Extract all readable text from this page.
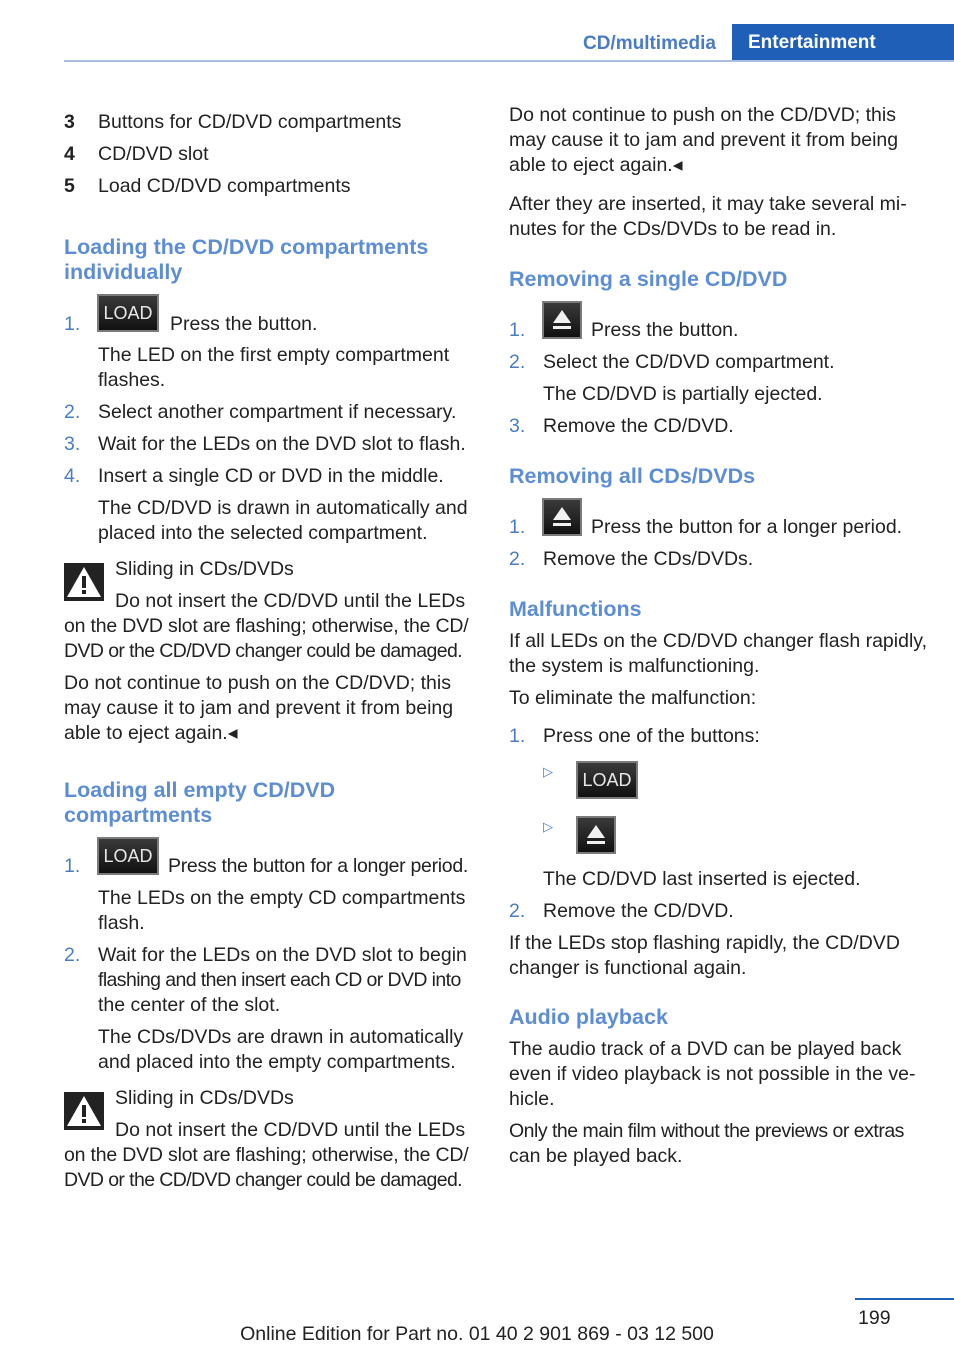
CD/multimedia	Entertainment
3 Buttons for CD/DVD compartments
4 CD/DVD slot
5 Load CD/DVD compartments
Loading the CD/DVD compartments
individually
1.	LOAD Press the button.
The LED on the first empty compartment
flashes.
2. Select another compartment if necessary.
3. Wait for the LEDs on the DVD slot to flash.
4. Insert a single CD or DVD in the middle.
The CD/DVD is drawn in automatically and
placed into the selected compartment.
Sliding in CDs/DVDs
Do not insert the CD/DVD until the LEDs
on the DVD slot are flashing; otherwise, the CD/
DVD or the CD/DVD changer could be damaged.
Do not continue to push on the CD/DVD; this
may cause it to jam and prevent it from being
able to eject again.◂
Loading all empty CD/DVD
compartments
1.	LOAD Press the button for a longer period.
The LEDs on the empty CD compartments
flash.
2. Wait for the LEDs on the DVD slot to begin
flashing and then insert each CD or DVD into
the center of the slot.
The CDs/DVDs are drawn in automatically
and placed into the empty compartments.
Sliding in CDs/DVDs
Do not insert the CD/DVD until the LEDs
on the DVD slot are flashing; otherwise, the CD/
DVD or the CD/DVD changer could be damaged.
Do not continue to push on the CD/DVD; this
may cause it to jam and prevent it from being
able to eject again.◂
After they are inserted, it may take several mi‐
nutes for the CDs/DVDs to be read in.
Removing a single CD/DVD
1.	Press the button.
2. Select the CD/DVD compartment.
The CD/DVD is partially ejected.
3. Remove the CD/DVD.
Removing all CDs/DVDs
1.	Press the button for a longer period.
2. Remove the CDs/DVDs.
Malfunctions
If all LEDs on the CD/DVD changer flash rapidly,
the system is malfunctioning.
To eliminate the malfunction:
1. Press one of the buttons:
▷	LOAD
▷
The CD/DVD last inserted is ejected.
2. Remove the CD/DVD.
If the LEDs stop flashing rapidly, the CD/DVD
changer is functional again.
Audio playback
The audio track of a DVD can be played back
even if video playback is not possible in the ve‐
hicle.
Only the main film without the previews or extras
can be played back.
199
Online Edition for Part no. 01 40 2 901 869 - 03 12 500
